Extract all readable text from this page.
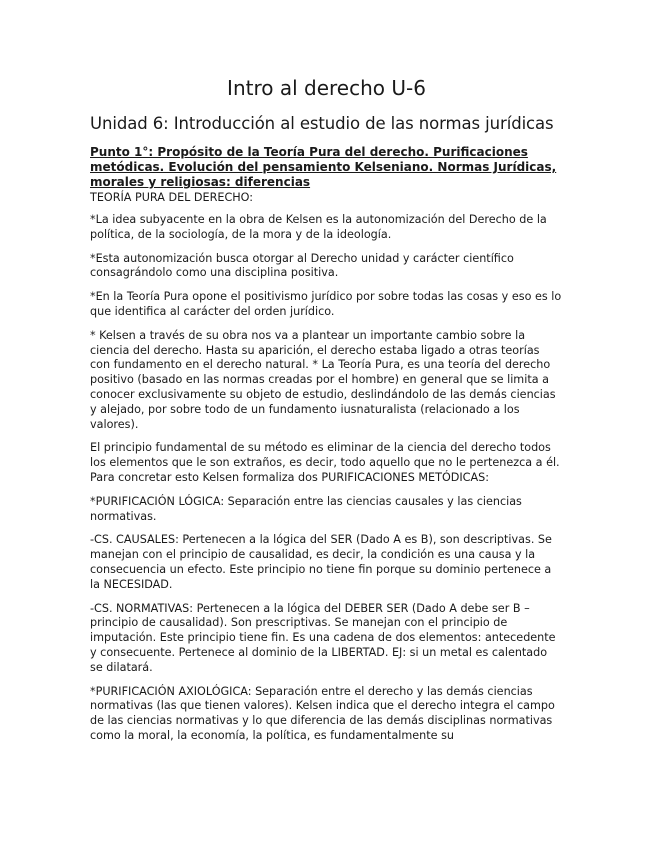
Intro al derecho U-6
Unidad 6: Introducción al estudio de las normas jurídicas
Punto 1°: Propósito de la Teoría Pura del derecho. Purificaciones metódicas. Evolución del pensamiento Kelseniano. Normas Jurídicas, morales y religiosas: diferencias

TEORÍA PURA DEL DERECHO:

*La idea subyacente en la obra de Kelsen es la autonomización del Derecho de la política, de la sociología, de la mora y de la ideología.

*Esta autonomización busca otorgar al Derecho unidad y carácter científico consagrándolo como una disciplina positiva.

*En la Teoría Pura opone el positivismo jurídico por sobre todas las cosas y eso es lo que identifica al carácter del orden jurídico.

* Kelsen a través de su obra nos va a plantear un importante cambio sobre la ciencia del derecho. Hasta su aparición, el derecho estaba ligado a otras teorías con fundamento en el derecho natural. * La Teoría Pura, es una teoría del derecho positivo (basado en las normas creadas por el hombre) en general que se limita a conocer exclusivamente su objeto de estudio, deslindándolo de las demás ciencias y alejado, por sobre todo de un fundamento iusnaturalista (relacionado a los valores).

El principio fundamental de su método es eliminar de la ciencia del derecho todos los elementos que le son extraños, es decir, todo aquello que no le pertenezca a él. Para concretar esto Kelsen formaliza dos PURIFICACIONES METÓDICAS:

*PURIFICACIÓN LÓGICA: Separación entre las ciencias causales y las ciencias normativas.

-CS. CAUSALES: Pertenecen a la lógica del SER (Dado A es B), son descriptivas. Se manejan con el principio de causalidad, es decir, la condición es una causa y la consecuencia un efecto. Este principio no tiene fin porque su dominio pertenece a la NECESIDAD.

-CS. NORMATIVAS: Pertenecen a la lógica del DEBER SER (Dado A debe ser B – principio de causalidad). Son prescriptivas. Se manejan con el principio de imputación. Este principio tiene fin. Es una cadena de dos elementos: antecedente y consecuente. Pertenece al dominio de la LIBERTAD. EJ: si un metal es calentado se dilatará.

*PURIFICACIÓN AXIOLÓGICA: Separación entre el derecho y las demás ciencias normativas (las que tienen valores). Kelsen indica que el derecho integra el campo de las ciencias normativas y lo que diferencia de las demás disciplinas normativas como la moral, la economía, la política, es fundamentalmente su
